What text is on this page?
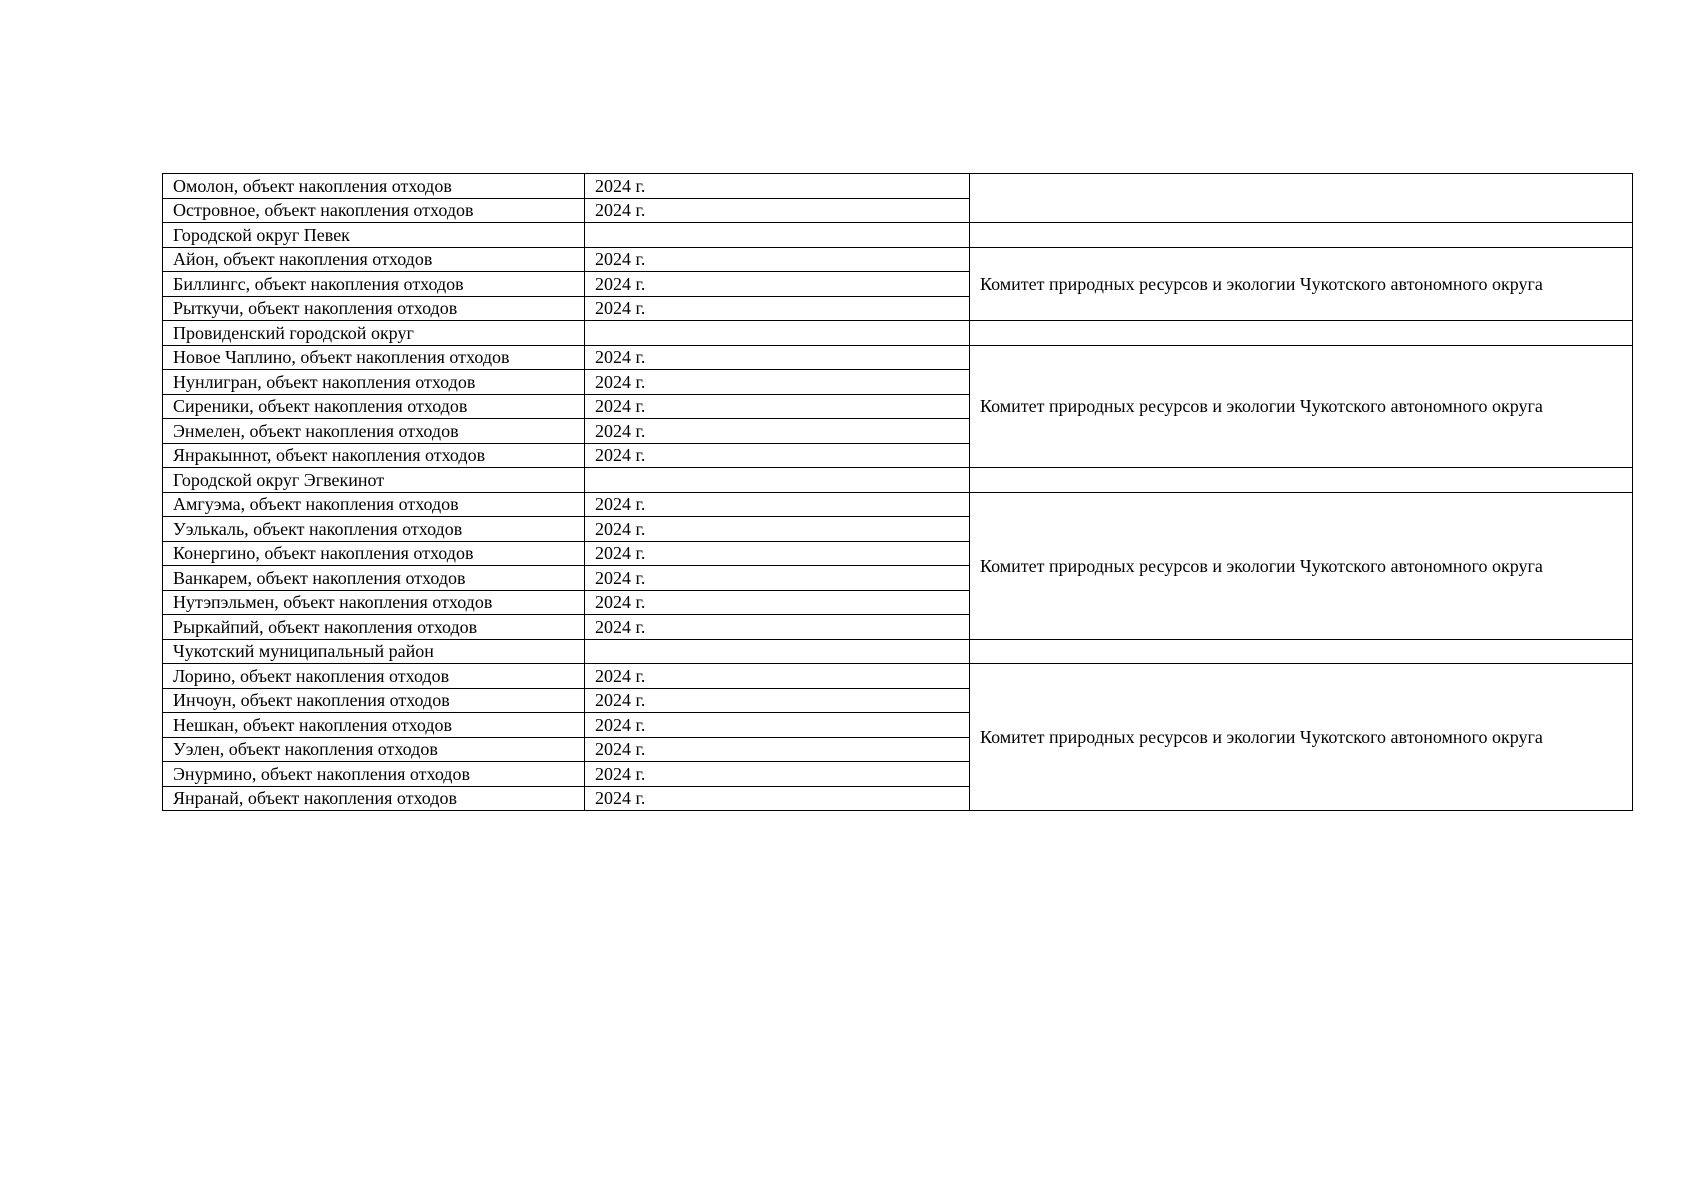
Омолон, объект накопления отходов	2024 г.	
Островное, объект накопления отходов	2024 г.	
Городской округ Певек		
Айон, объект накопления отходов	2024 г.	Комитет природных ресурсов и экологии Чукотского автономного округа
Биллингс, объект накопления отходов	2024 г.	
Рыткучи, объект накопления отходов	2024 г.	
Провиденский городской округ		
Новое Чаплино, объект накопления отходов	2024 г.	Комитет природных ресурсов и экологии Чукотского автономного округа
Нунлигран, объект накопления отходов	2024 г.	
Сиреники, объект накопления отходов	2024 г.	
Энмелен, объект накопления отходов	2024 г.	
Янракыннот, объект накопления отходов	2024 г.	
Городской округ Эгвекинот		
Амгуэма, объект накопления отходов	2024 г.	Комитет природных ресурсов и экологии Чукотского автономного округа
Уэлькаль, объект накопления отходов	2024 г.	
Конергино, объект накопления отходов	2024 г.	
Ванкарем, объект накопления отходов	2024 г.	
Нутэпэльмен, объект накопления отходов	2024 г.	
Рыркайпий, объект накопления отходов	2024 г.	
Чукотский муниципальный район		
Лорино, объект накопления отходов	2024 г.	Комитет природных ресурсов и экологии Чукотского автономного округа
Инчоун, объект накопления отходов	2024 г.	
Нешкан, объект накопления отходов	2024 г.	
Уэлен, объект накопления отходов	2024 г.	
Энурмино, объект накопления отходов	2024 г.	
Янранай, объект накопления отходов	2024 г.	
